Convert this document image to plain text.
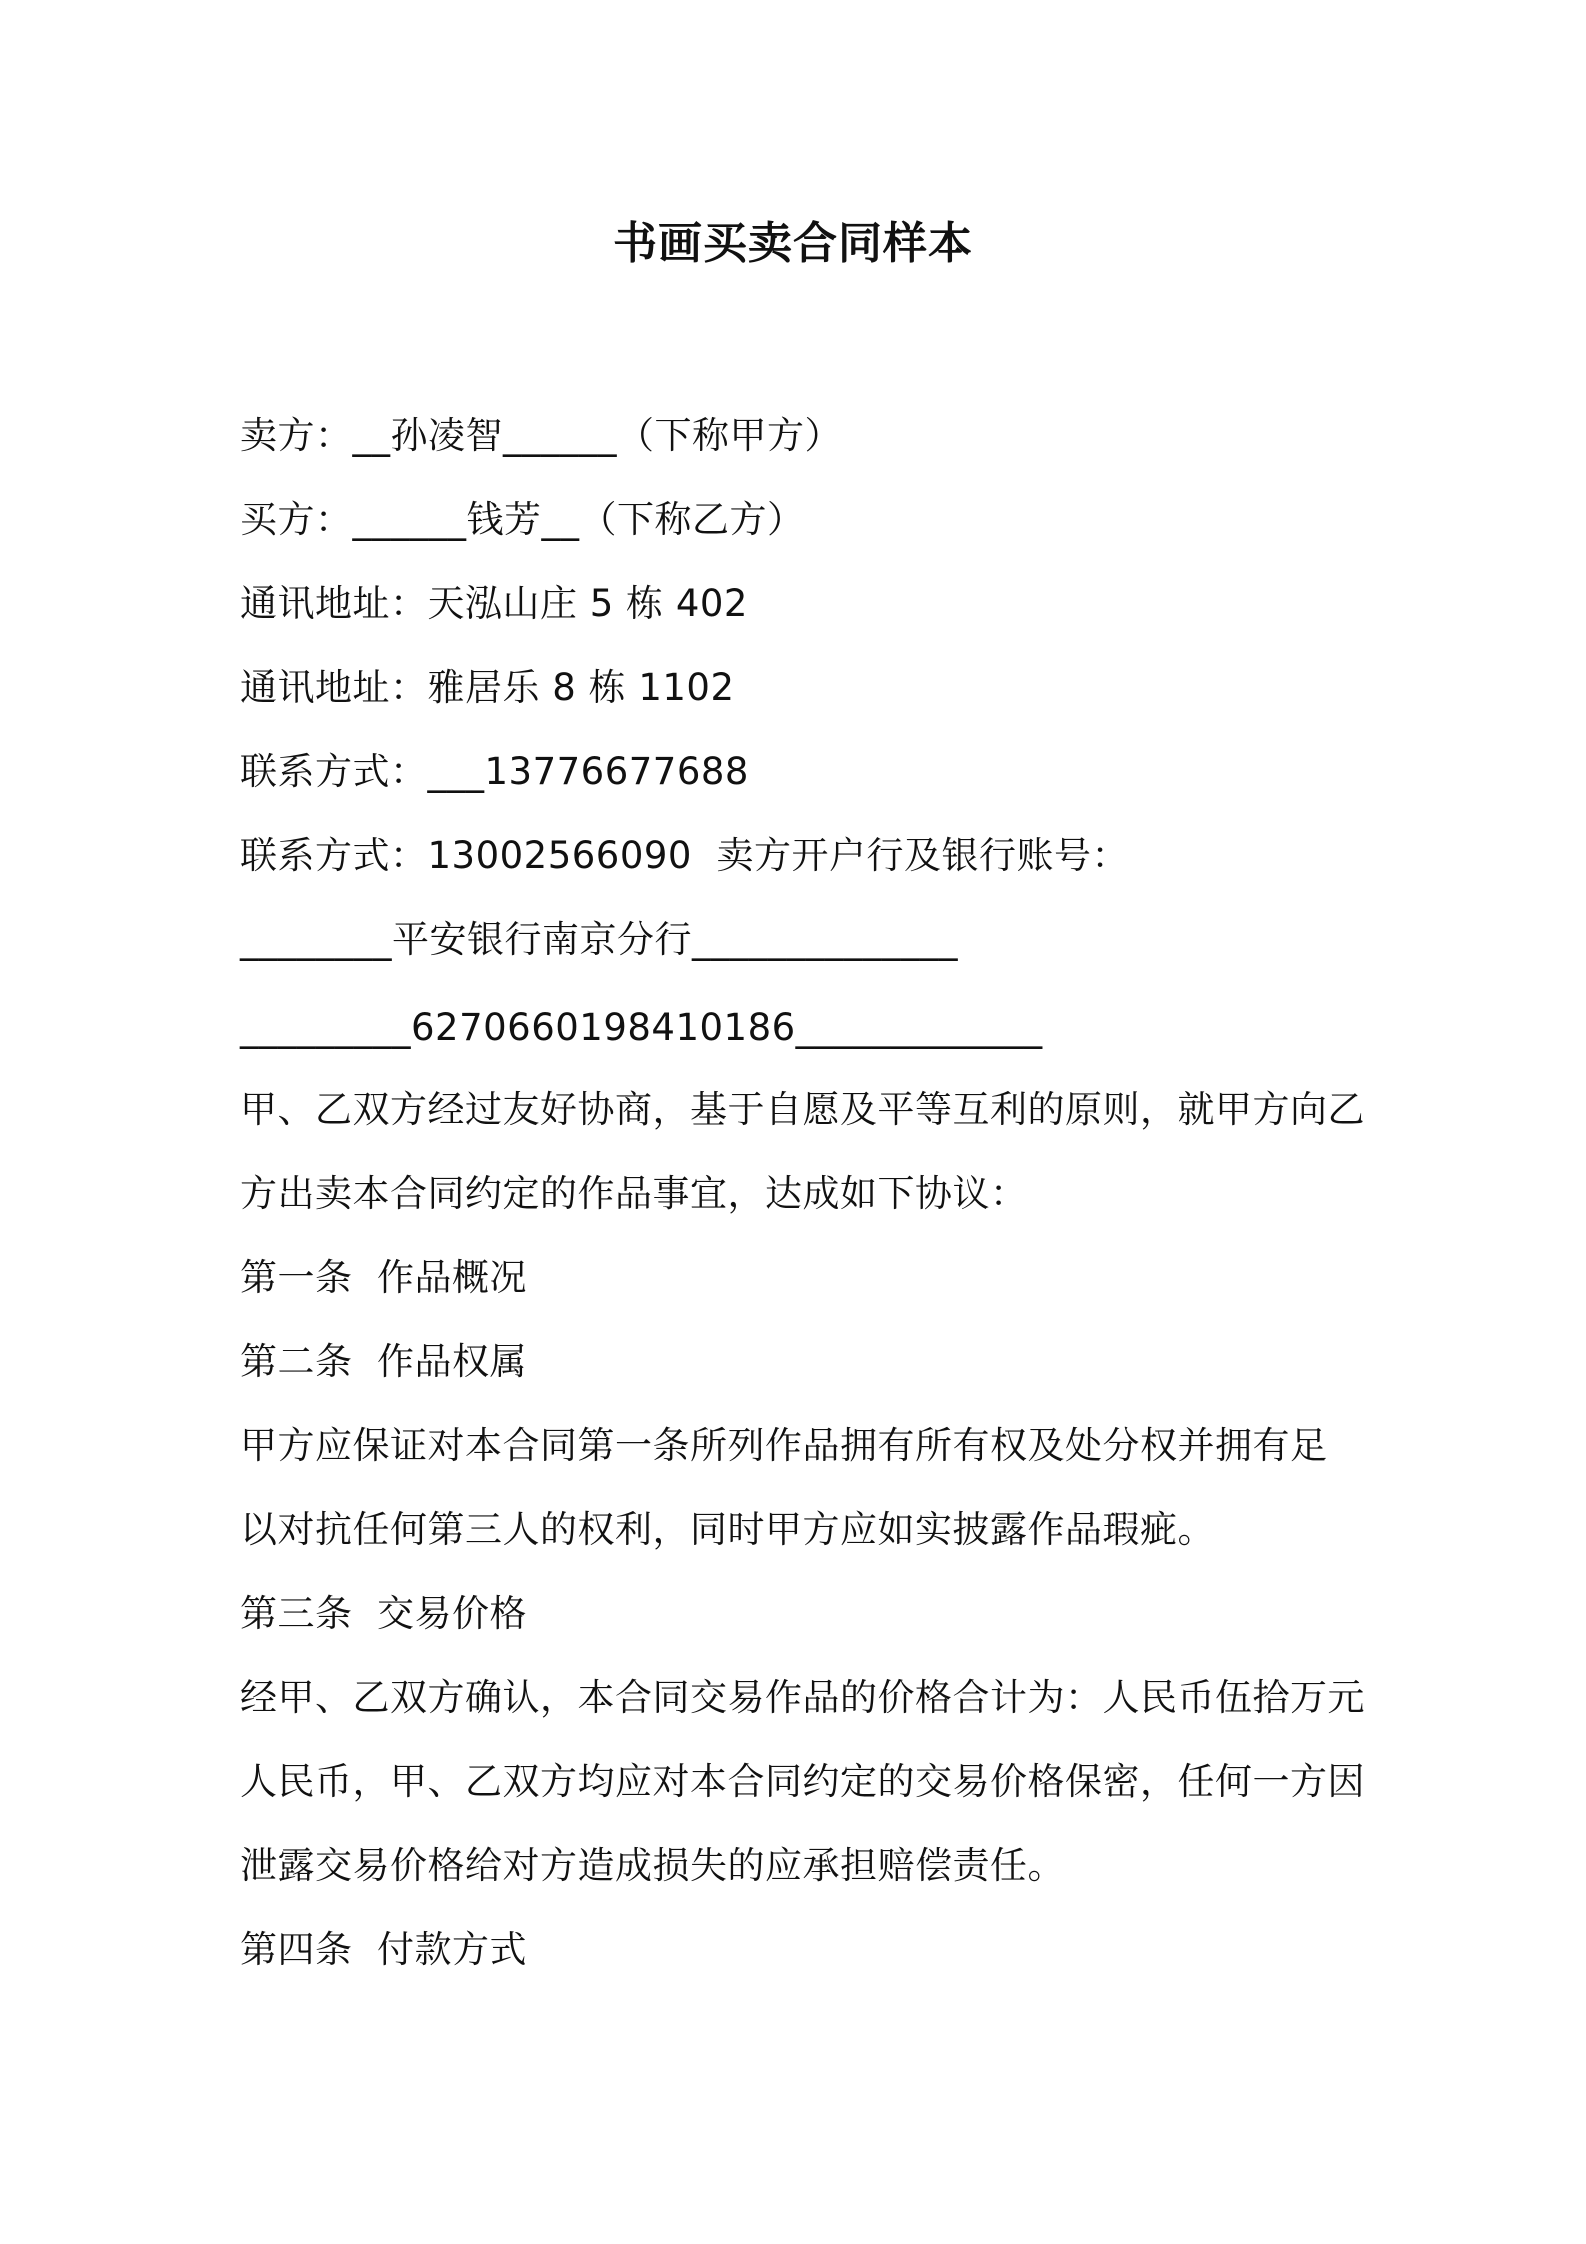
书画买卖合同样本
卖方：__孙凌智______（下称甲方）
买方：______钱芳__（下称乙方）
通讯地址：天泓山庄 5 栋 402
通讯地址：雅居乐 8 栋 1102
联系方式：___13776677688
联系方式：13002566090  卖方开户行及银行账号：
________平安银行南京分行______________
_________6270660198410186_____________
甲、乙双方经过友好协商，基于自愿及平等互利的原则，就甲方向乙
方出卖本合同约定的作品事宜，达成如下协议：
第一条  作品概况
第二条  作品权属
甲方应保证对本合同第一条所列作品拥有所有权及处分权并拥有足
以对抗任何第三人的权利，同时甲方应如实披露作品瑕疵。
第三条  交易价格
经甲、乙双方确认，本合同交易作品的价格合计为：人民币伍拾万元
人民币，甲、乙双方均应对本合同约定的交易价格保密，任何一方因
泄露交易价格给对方造成损失的应承担赔偿责任。
第四条  付款方式
